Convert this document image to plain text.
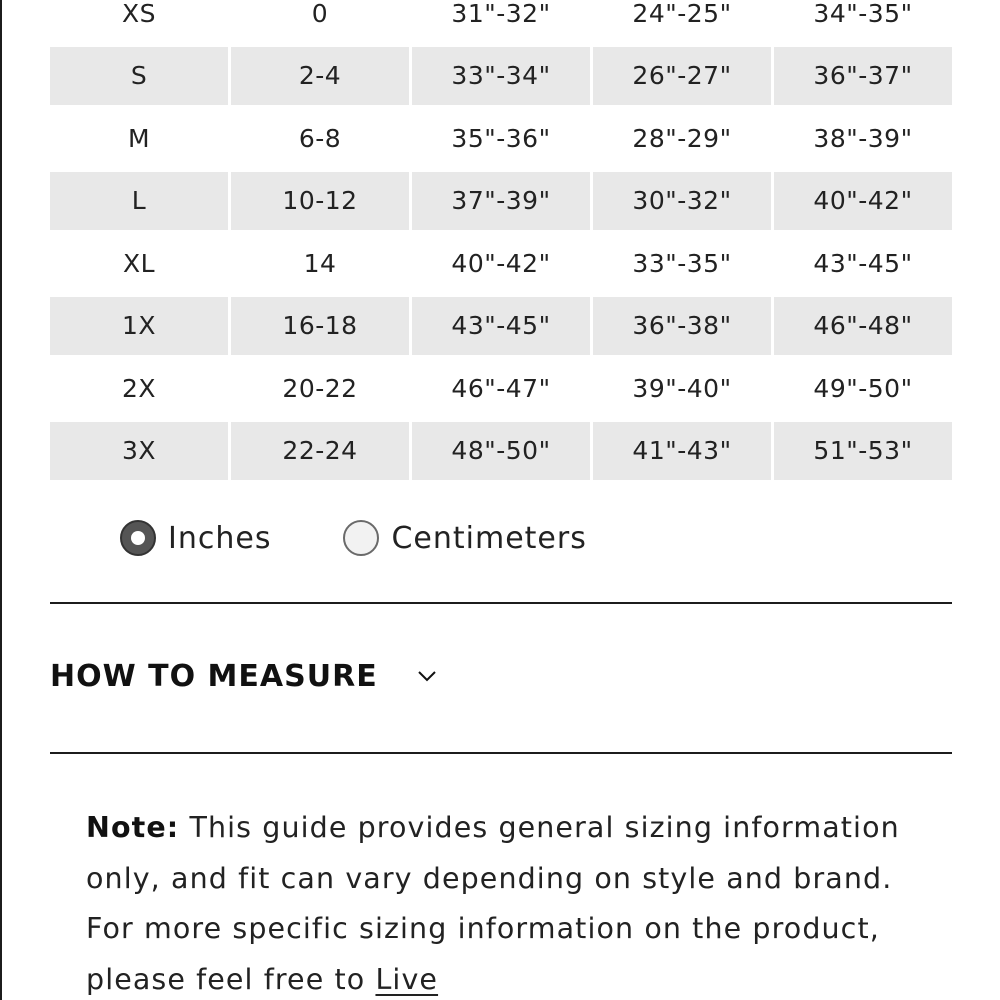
XS	0	31"-32"	24"-25"	34"-35"
S	2-4	33"-34"	26"-27"	36"-37"
M	6-8	35"-36"	28"-29"	38"-39"
L	10-12	37"-39"	30"-32"	40"-42"
XL	14	40"-42"	33"-35"	43"-45"
1X	16-18	43"-45"	36"-38"	46"-48"
2X	20-22	46"-47"	39"-40"	49"-50"
3X	22-24	48"-50"	41"-43"	51"-53"
Inches	Centimeters
HOW TO MEASURE
Note: This guide provides general sizing information only, and fit can vary depending on style and brand. For more specific sizing information on the product, please feel free to Live
